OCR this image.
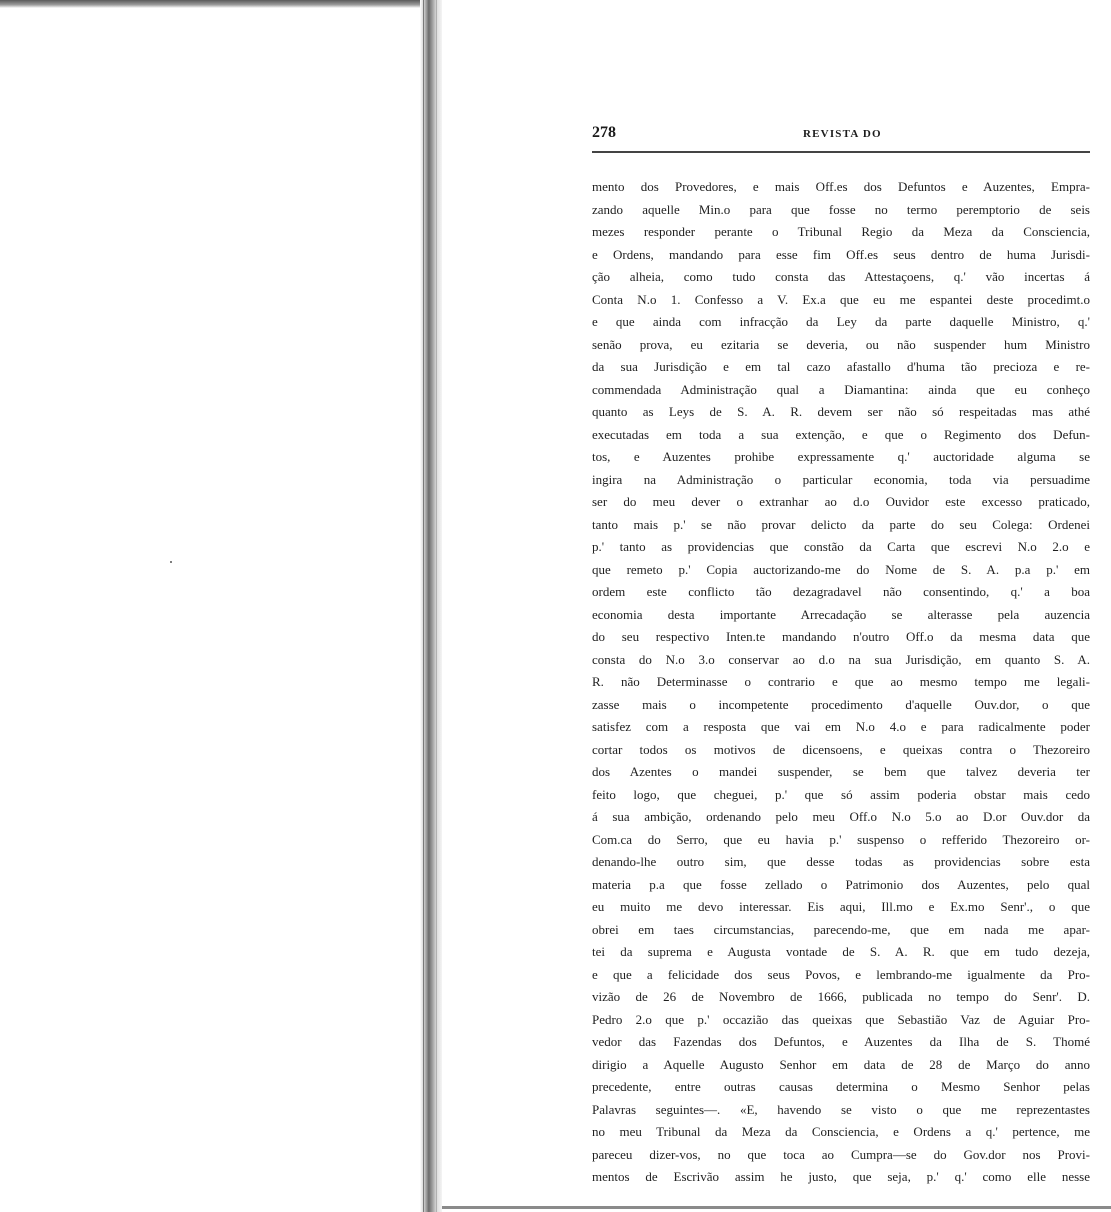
278	REVISTA DO
mento dos Provedores, e mais Off.es dos Defuntos e Auzentes, Empra-
zando aquelle Min.o para que fosse no termo peremptorio de seis
mezes responder perante o Tribunal Regio da Meza da Consciencia,
e Ordens, mandando para esse fim Off.es seus dentro de huma Jurisdi-
ção alheia, como tudo consta das Attestaçoens, q.' vão incertas á
Conta N.o 1. Confesso a V. Ex.a que eu me espantei deste procedimt.o
e que ainda com infracção da Ley da parte daquelle Ministro, q.'
senão prova, eu ezitaria se deveria, ou não suspender hum Ministro
da sua Jurisdição e em tal cazo afastallo d'huma tão precioza e re-
commendada Administração qual a Diamantina: ainda que eu conheço
quanto as Leys de S. A. R. devem ser não só respeitadas mas athé
executadas em toda a sua extenção, e que o Regimento dos Defun-
tos, e Auzentes prohibe expressamente q.' auctoridade alguma se
ingira na Administração o particular economia, toda via persuadime
ser do meu dever o extranhar ao d.o Ouvidor este excesso praticado,
tanto mais p.' se não provar delicto da parte do seu Colega: Ordenei
p.' tanto as providencias que constão da Carta que escrevi N.o 2.o e
que remeto p.' Copia auctorizando-me do Nome de S. A. p.a p.' em
ordem este conflicto tão dezagradavel não consentindo, q.' a boa
economia desta importante Arrecadação se alterasse pela auzencia
do seu respectivo Inten.te mandando n'outro Off.o da mesma data que
consta do N.o 3.o conservar ao d.o na sua Jurisdição, em quanto S. A.
R. não Determinasse o contrario e que ao mesmo tempo me legali-
zasse mais o incompetente procedimento d'aquelle Ouv.dor, o que
satisfez com a resposta que vai em N.o 4.o e para radicalmente poder
cortar todos os motivos de dicensoens, e queixas contra o Thezoreiro
dos Azentes o mandei suspender, se bem que talvez deveria ter
feito logo, que cheguei, p.' que só assim poderia obstar mais cedo
á sua ambição, ordenando pelo meu Off.o N.o 5.o ao D.or Ouv.dor da
Com.ca do Serro, que eu havia p.' suspenso o refferido Thezoreiro or-
denando-lhe outro sim, que desse todas as providencias sobre esta
materia p.a que fosse zellado o Patrimonio dos Auzentes, pelo qual
eu muito me devo interessar. Eis aqui, Ill.mo e Ex.mo Senr'., o que
obrei em taes circumstancias, parecendo-me, que em nada me apar-
tei da suprema e Augusta vontade de S. A. R. que em tudo dezeja,
e que a felicidade dos seus Povos, e lembrando-me igualmente da Pro-
vizão de 26 de Novembro de 1666, publicada no tempo do Senr'. D.
Pedro 2.o que p.' occazião das queixas que Sebastião Vaz de Aguiar Pro-
vedor das Fazendas dos Defuntos, e Auzentes da Ilha de S. Thomé
dirigio a Aquelle Augusto Senhor em data de 28 de Março do anno
precedente, entre outras causas determina o Mesmo Senhor pelas
Palavras seguintes—. «E, havendo se visto o que me reprezentastes
no meu Tribunal da Meza da Consciencia, e Ordens a q.' pertence, me
pareceu dizer-vos, no que toca ao Cumpra—se do Gov.dor nos Provi-
mentos de Escrivão assim he justo, que seja, p.' q.' como elle nesse
